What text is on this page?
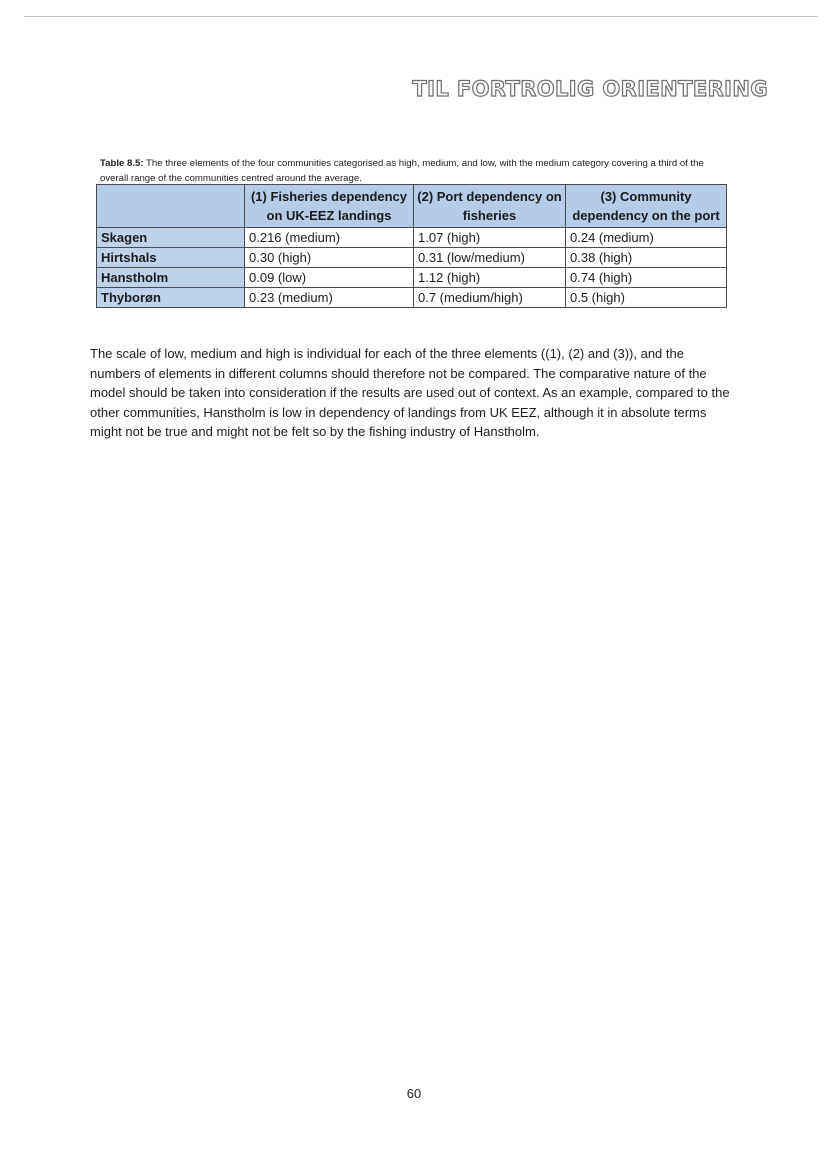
TIL FORTROLIG ORIENTERING
Table 8.5: The three elements of the four communities categorised as high, medium, and low, with the medium category covering a third of the overall range of the communities centred around the average.
	(1) Fisheries dependency on UK-EEZ landings	(2) Port dependency on fisheries	(3) Community dependency on the port
Skagen	0.216 (medium)	1.07 (high)	0.24 (medium)
Hirtshals	0.30 (high)	0.31 (low/medium)	0.38 (high)
Hanstholm	0.09 (low)	1.12 (high)	0.74 (high)
Thyborøn	0.23 (medium)	0.7 (medium/high)	0.5 (high)

The scale of low, medium and high is individual for each of the three elements ((1), (2) and (3)), and the numbers of elements in different columns should therefore not be compared. The comparative nature of the model should be taken into consideration if the results are used out of context. As an example, compared to the other communities, Hanstholm is low in dependency of landings from UK EEZ, although it in absolute terms might not be true and might not be felt so by the fishing industry of Hanstholm.

60
